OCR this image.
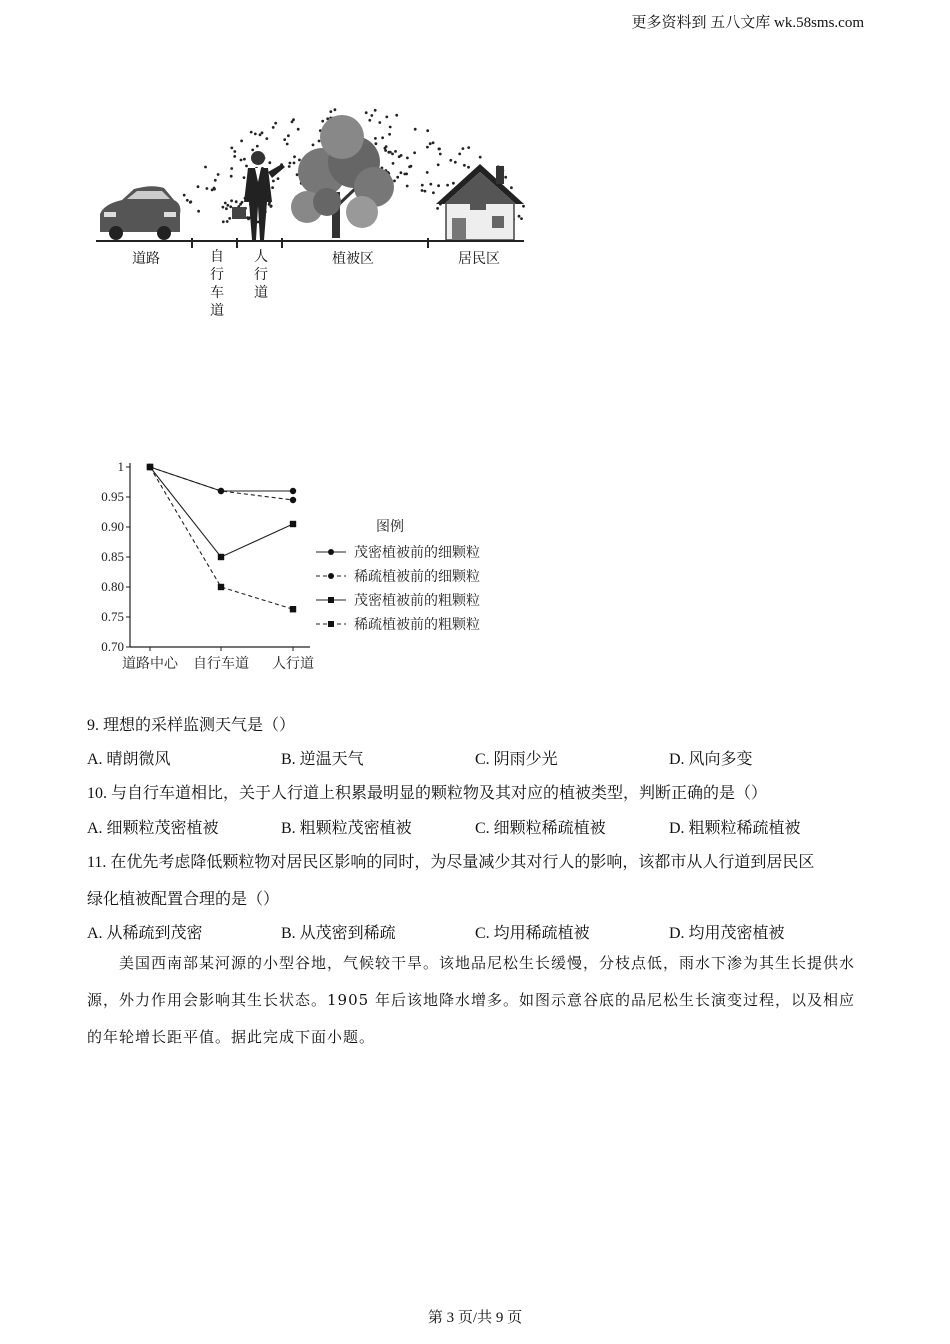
更多资料到 五八文库 wk.58sms.com
道路	自
行
车
道
人
行
道
植被区	居民区
1
0.95
0.90
0.85
0.80
0.75
0.70
道路中心 自行车道 人行道
图例
茂密植被前的细颗粒
稀疏植被前的细颗粒
茂密植被前的粗颗粒
稀疏植被前的粗颗粒
9. 理想的采样监测天气是（）
A. 晴朗微风	B. 逆温天气	C. 阴雨少光	D. 风向多变
10. 与自行车道相比，关于人行道上积累最明显的颗粒物及其对应的植被类型，判断正确的是（）
A. 细颗粒茂密植被	B. 粗颗粒茂密植被	C. 细颗粒稀疏植被	D. 粗颗粒稀疏植被
11. 在优先考虑降低颗粒物对居民区影响的同时，为尽量减少其对行人的影响，该都市从人行道到居民区
绿化植被配置合理的是（）
A. 从稀疏到茂密	B. 从茂密到稀疏	C. 均用稀疏植被	D. 均用茂密植被
美国西南部某河源的小型谷地，气候较干旱。该地品尼松生长缓慢，分枝点低，雨水下渗为其生长提供水源，外力作用会影响其生长状态。1905 年后该地降水增多。如图示意谷底的品尼松生长演变过程，以及相应的年轮增长距平值。据此完成下面小题。
第 3 页/共 9 页
